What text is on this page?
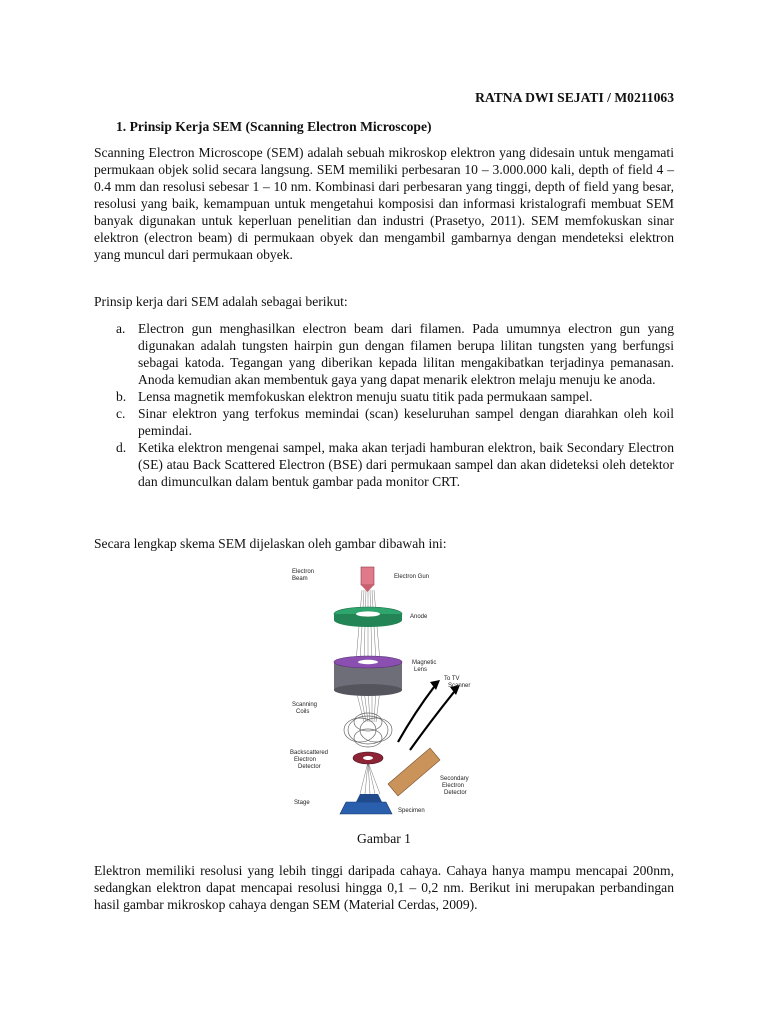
RATNA DWI SEJATI / M0211063
1. Prinsip Kerja SEM (Scanning Electron Microscope)

Scanning Electron Microscope (SEM) adalah sebuah mikroskop elektron yang didesain untuk mengamati permukaan objek solid secara langsung. SEM memiliki perbesaran 10 – 3.000.000 kali, depth of field 4 – 0.4 mm dan resolusi sebesar 1 – 10 nm. Kombinasi dari perbesaran yang tinggi, depth of field yang besar, resolusi yang baik, kemampuan untuk mengetahui komposisi dan informasi kristalografi membuat SEM banyak digunakan untuk keperluan penelitian dan industri (Prasetyo, 2011). SEM memfokuskan sinar elektron (electron beam) di permukaan obyek dan mengambil gambarnya dengan mendeteksi elektron yang muncul dari permukaan obyek.

Prinsip kerja dari SEM adalah sebagai berikut:

a. Electron gun menghasilkan electron beam dari filamen. Pada umumnya electron gun yang digunakan adalah tungsten hairpin gun dengan filamen berupa lilitan tungsten yang berfungsi sebagai katoda. Tegangan yang diberikan kepada lilitan mengakibatkan terjadinya pemanasan. Anoda kemudian akan membentuk gaya yang dapat menarik elektron melaju menuju ke anoda.
b. Lensa magnetik memfokuskan elektron menuju suatu titik pada permukaan sampel.
c. Sinar elektron yang terfokus memindai (scan) keseluruhan sampel dengan diarahkan oleh koil pemindai.
d. Ketika elektron mengenai sampel, maka akan terjadi hamburan elektron, baik Secondary Electron (SE) atau Back Scattered Electron (BSE) dari permukaan sampel dan akan dideteksi oleh detektor dan dimunculkan dalam bentuk gambar pada monitor CRT.

Secara lengkap skema SEM dijelaskan oleh gambar dibawah ini:

Electron
Beam	Electron Gun
Anode
Magnetic
Lens
To TV
Scanner
Scanning
Coils
Backscattered
Electron
Detector
Secondary
Electron
Detector
Stage
Specimen
Gambar 1

Elektron memiliki resolusi yang lebih tinggi daripada cahaya. Cahaya hanya mampu mencapai 200nm, sedangkan elektron dapat mencapai resolusi hingga 0,1 – 0,2 nm. Berikut ini merupakan perbandingan hasil gambar mikroskop cahaya dengan SEM (Material Cerdas, 2009).
